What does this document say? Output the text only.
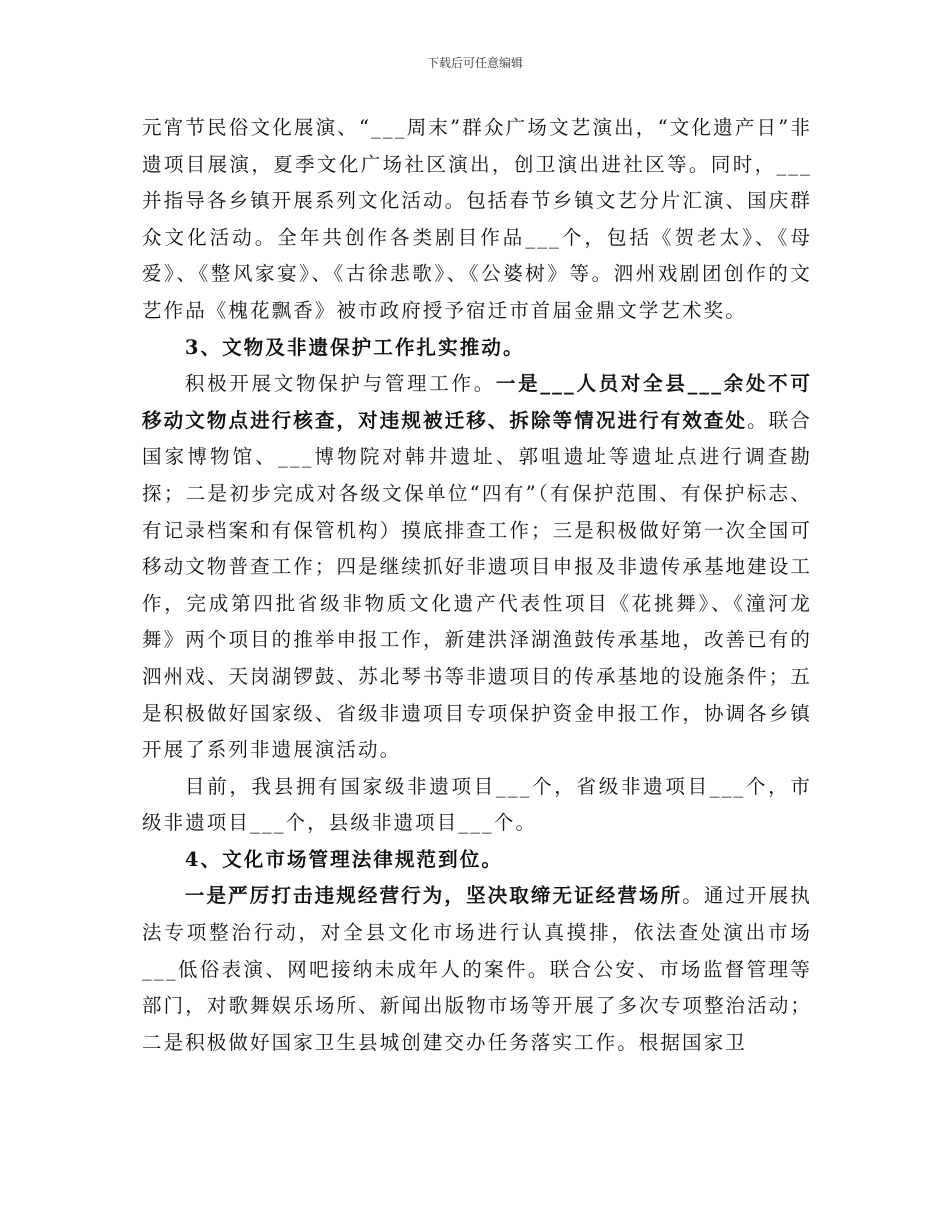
下载后可任意编辑

元宵节民俗文化展演、“___周末”群众广场文艺演出，“文化遗产日”非遗项目展演，夏季文化广场社区演出，创卫演出进社区等。同时，___并指导各乡镇开展系列文化活动。包括春节乡镇文艺分片汇演、国庆群众文化活动。全年共创作各类剧目作品___个，包括《贺老太》、《母爱》、《整风家宴》、《古徐悲歌》、《公婆树》等。泗州戏剧团创作的文艺作品《槐花飘香》被市政府授予宿迁市首届金鼎文学艺术奖。

3、文物及非遗保护工作扎实推动。

积极开展文物保护与管理工作。一是___人员对全县___余处不可移动文物点进行核查，对违规被迁移、拆除等情况进行有效查处。联合国家博物馆、___博物院对韩井遗址、郭咀遗址等遗址点进行调查勘探；二是初步完成对各级文保单位“四有”（有保护范围、有保护标志、有记录档案和有保管机构）摸底排查工作；三是积极做好第一次全国可移动文物普查工作；四是继续抓好非遗项目申报及非遗传承基地建设工作，完成第四批省级非物质文化遗产代表性项目《花挑舞》、《潼河龙舞》两个项目的推举申报工作，新建洪泽湖渔鼓传承基地，改善已有的泗州戏、天岗湖锣鼓、苏北琴书等非遗项目的传承基地的设施条件；五是积极做好国家级、省级非遗项目专项保护资金申报工作，协调各乡镇开展了系列非遗展演活动。

目前，我县拥有国家级非遗项目___个，省级非遗项目___个，市级非遗项目___个，县级非遗项目___个。

4、文化市场管理法律规范到位。

一是严厉打击违规经营行为，坚决取缔无证经营场所。通过开展执法专项整治行动，对全县文化市场进行认真摸排，依法查处演出市场___低俗表演、网吧接纳未成年人的案件。联合公安、市场监督管理等部门，对歌舞娱乐场所、新闻出版物市场等开展了多次专项整治活动；二是积极做好国家卫生县城创建交办任务落实工作。根据国家卫
